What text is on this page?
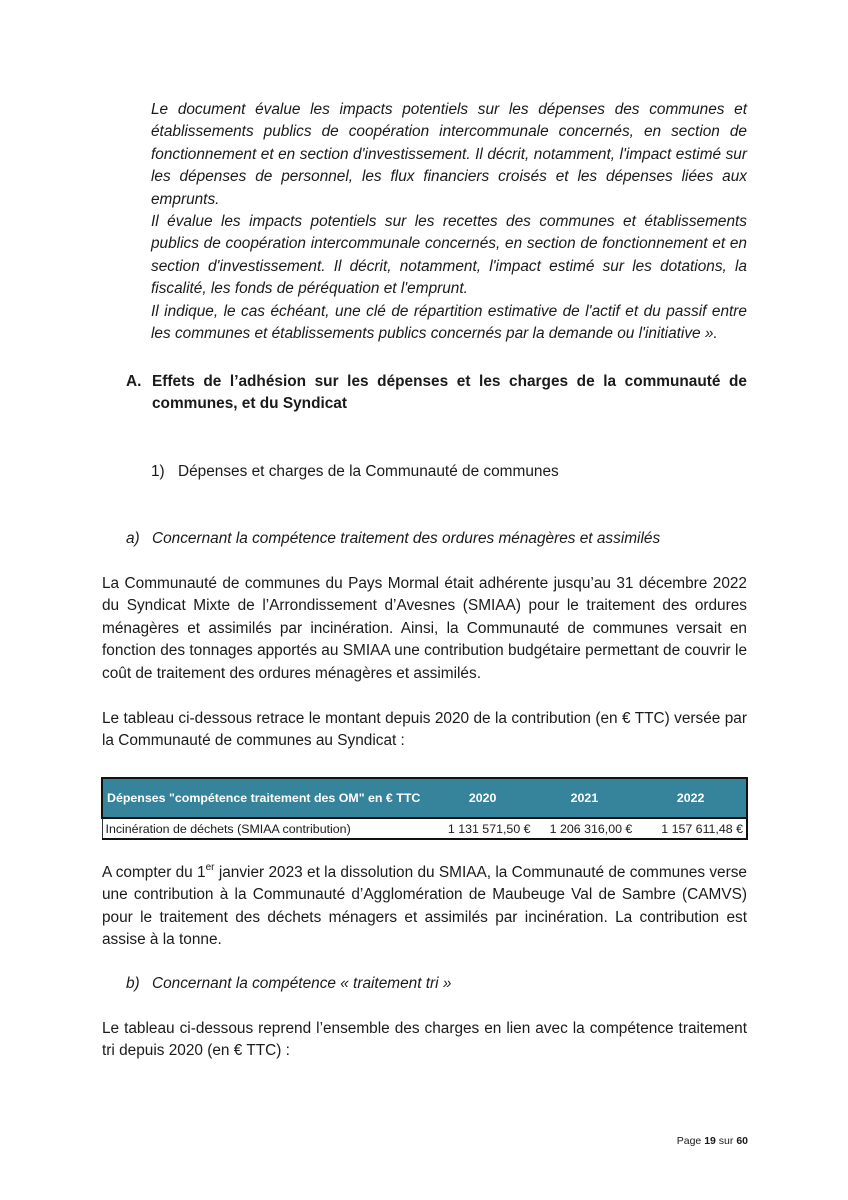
Le document évalue les impacts potentiels sur les dépenses des communes et établissements publics de coopération intercommunale concernés, en section de fonctionnement et en section d'investissement. Il décrit, notamment, l'impact estimé sur les dépenses de personnel, les flux financiers croisés et les dépenses liées aux emprunts.

Il évalue les impacts potentiels sur les recettes des communes et établissements publics de coopération intercommunale concernés, en section de fonctionnement et en section d'investissement. Il décrit, notamment, l'impact estimé sur les dotations, la fiscalité, les fonds de péréquation et l'emprunt.

Il indique, le cas échéant, une clé de répartition estimative de l'actif et du passif entre les communes et établissements publics concernés par la demande ou l'initiative ».

A. Effets de l’adhésion sur les dépenses et les charges de la communauté de communes, et du Syndicat
1) Dépenses et charges de la Communauté de communes
a) Concernant la compétence traitement des ordures ménagères et assimilés

La Communauté de communes du Pays Mormal était adhérente jusqu’au 31 décembre 2022 du Syndicat Mixte de l’Arrondissement d’Avesnes (SMIAA) pour le traitement des ordures ménagères et assimilés par incinération. Ainsi, la Communauté de communes versait en fonction des tonnages apportés au SMIAA une contribution budgétaire permettant de couvrir le coût de traitement des ordures ménagères et assimilés.

Le tableau ci-dessous retrace le montant depuis 2020 de la contribution (en € TTC) versée par la Communauté de communes au Syndicat :

Dépenses "compétence traitement des OM" en € TTC	2020	2021	2022
Incinération de déchets (SMIAA contribution)	1 131 571,50 €	1 206 316,00 €	1 157 611,48 €

A compter du 1er janvier 2023 et la dissolution du SMIAA, la Communauté de communes verse une contribution à la Communauté d’Agglomération de Maubeuge Val de Sambre (CAMVS) pour le traitement des déchets ménagers et assimilés par incinération. La contribution est assise à la tonne.

b) Concernant la compétence « traitement tri »

Le tableau ci-dessous reprend l’ensemble des charges en lien avec la compétence traitement tri depuis 2020 (en € TTC) :

Page 19 sur 60
